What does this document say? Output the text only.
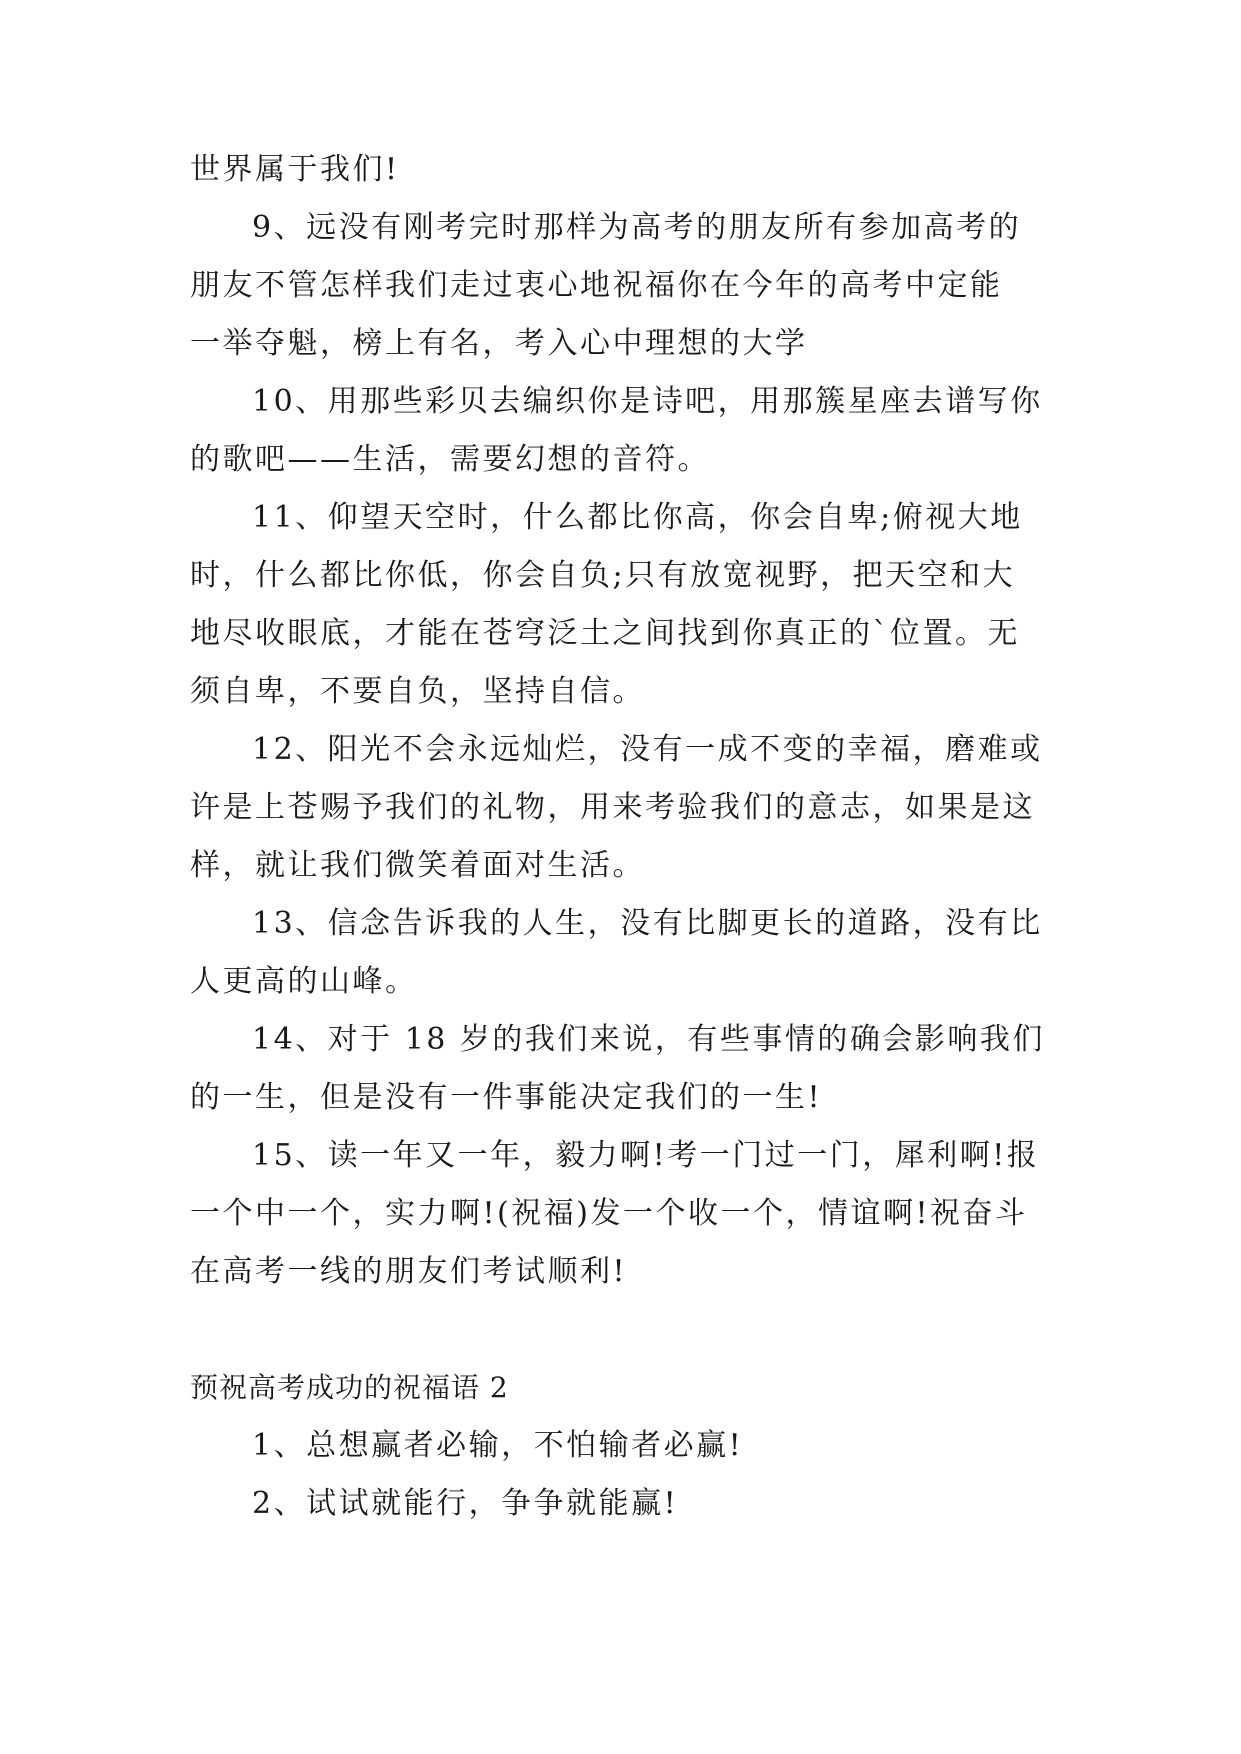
世界属于我们!
9、远没有刚考完时那样为高考的朋友所有参加高考的
朋友不管怎样我们走过衷心地祝福你在今年的高考中定能
一举夺魁，榜上有名，考入心中理想的大学
10、用那些彩贝去编织你是诗吧，用那簇星座去谱写你
的歌吧——生活，需要幻想的音符。
11、仰望天空时，什么都比你高，你会自卑;俯视大地
时，什么都比你低，你会自负;只有放宽视野，把天空和大
地尽收眼底，才能在苍穹泛土之间找到你真正的`位置。无
须自卑，不要自负，坚持自信。
12、阳光不会永远灿烂，没有一成不变的幸福，磨难或
许是上苍赐予我们的礼物，用来考验我们的意志，如果是这
样，就让我们微笑着面对生活。
13、信念告诉我的人生，没有比脚更长的道路，没有比
人更高的山峰。
14、对于 18 岁的我们来说，有些事情的确会影响我们
的一生，但是没有一件事能决定我们的一生!
15、读一年又一年，毅力啊!考一门过一门，犀利啊!报
一个中一个，实力啊!(祝福)发一个收一个，情谊啊!祝奋斗
在高考一线的朋友们考试顺利!
预祝高考成功的祝福语 2
1、总想赢者必输，不怕输者必赢!
2、试试就能行，争争就能赢!
